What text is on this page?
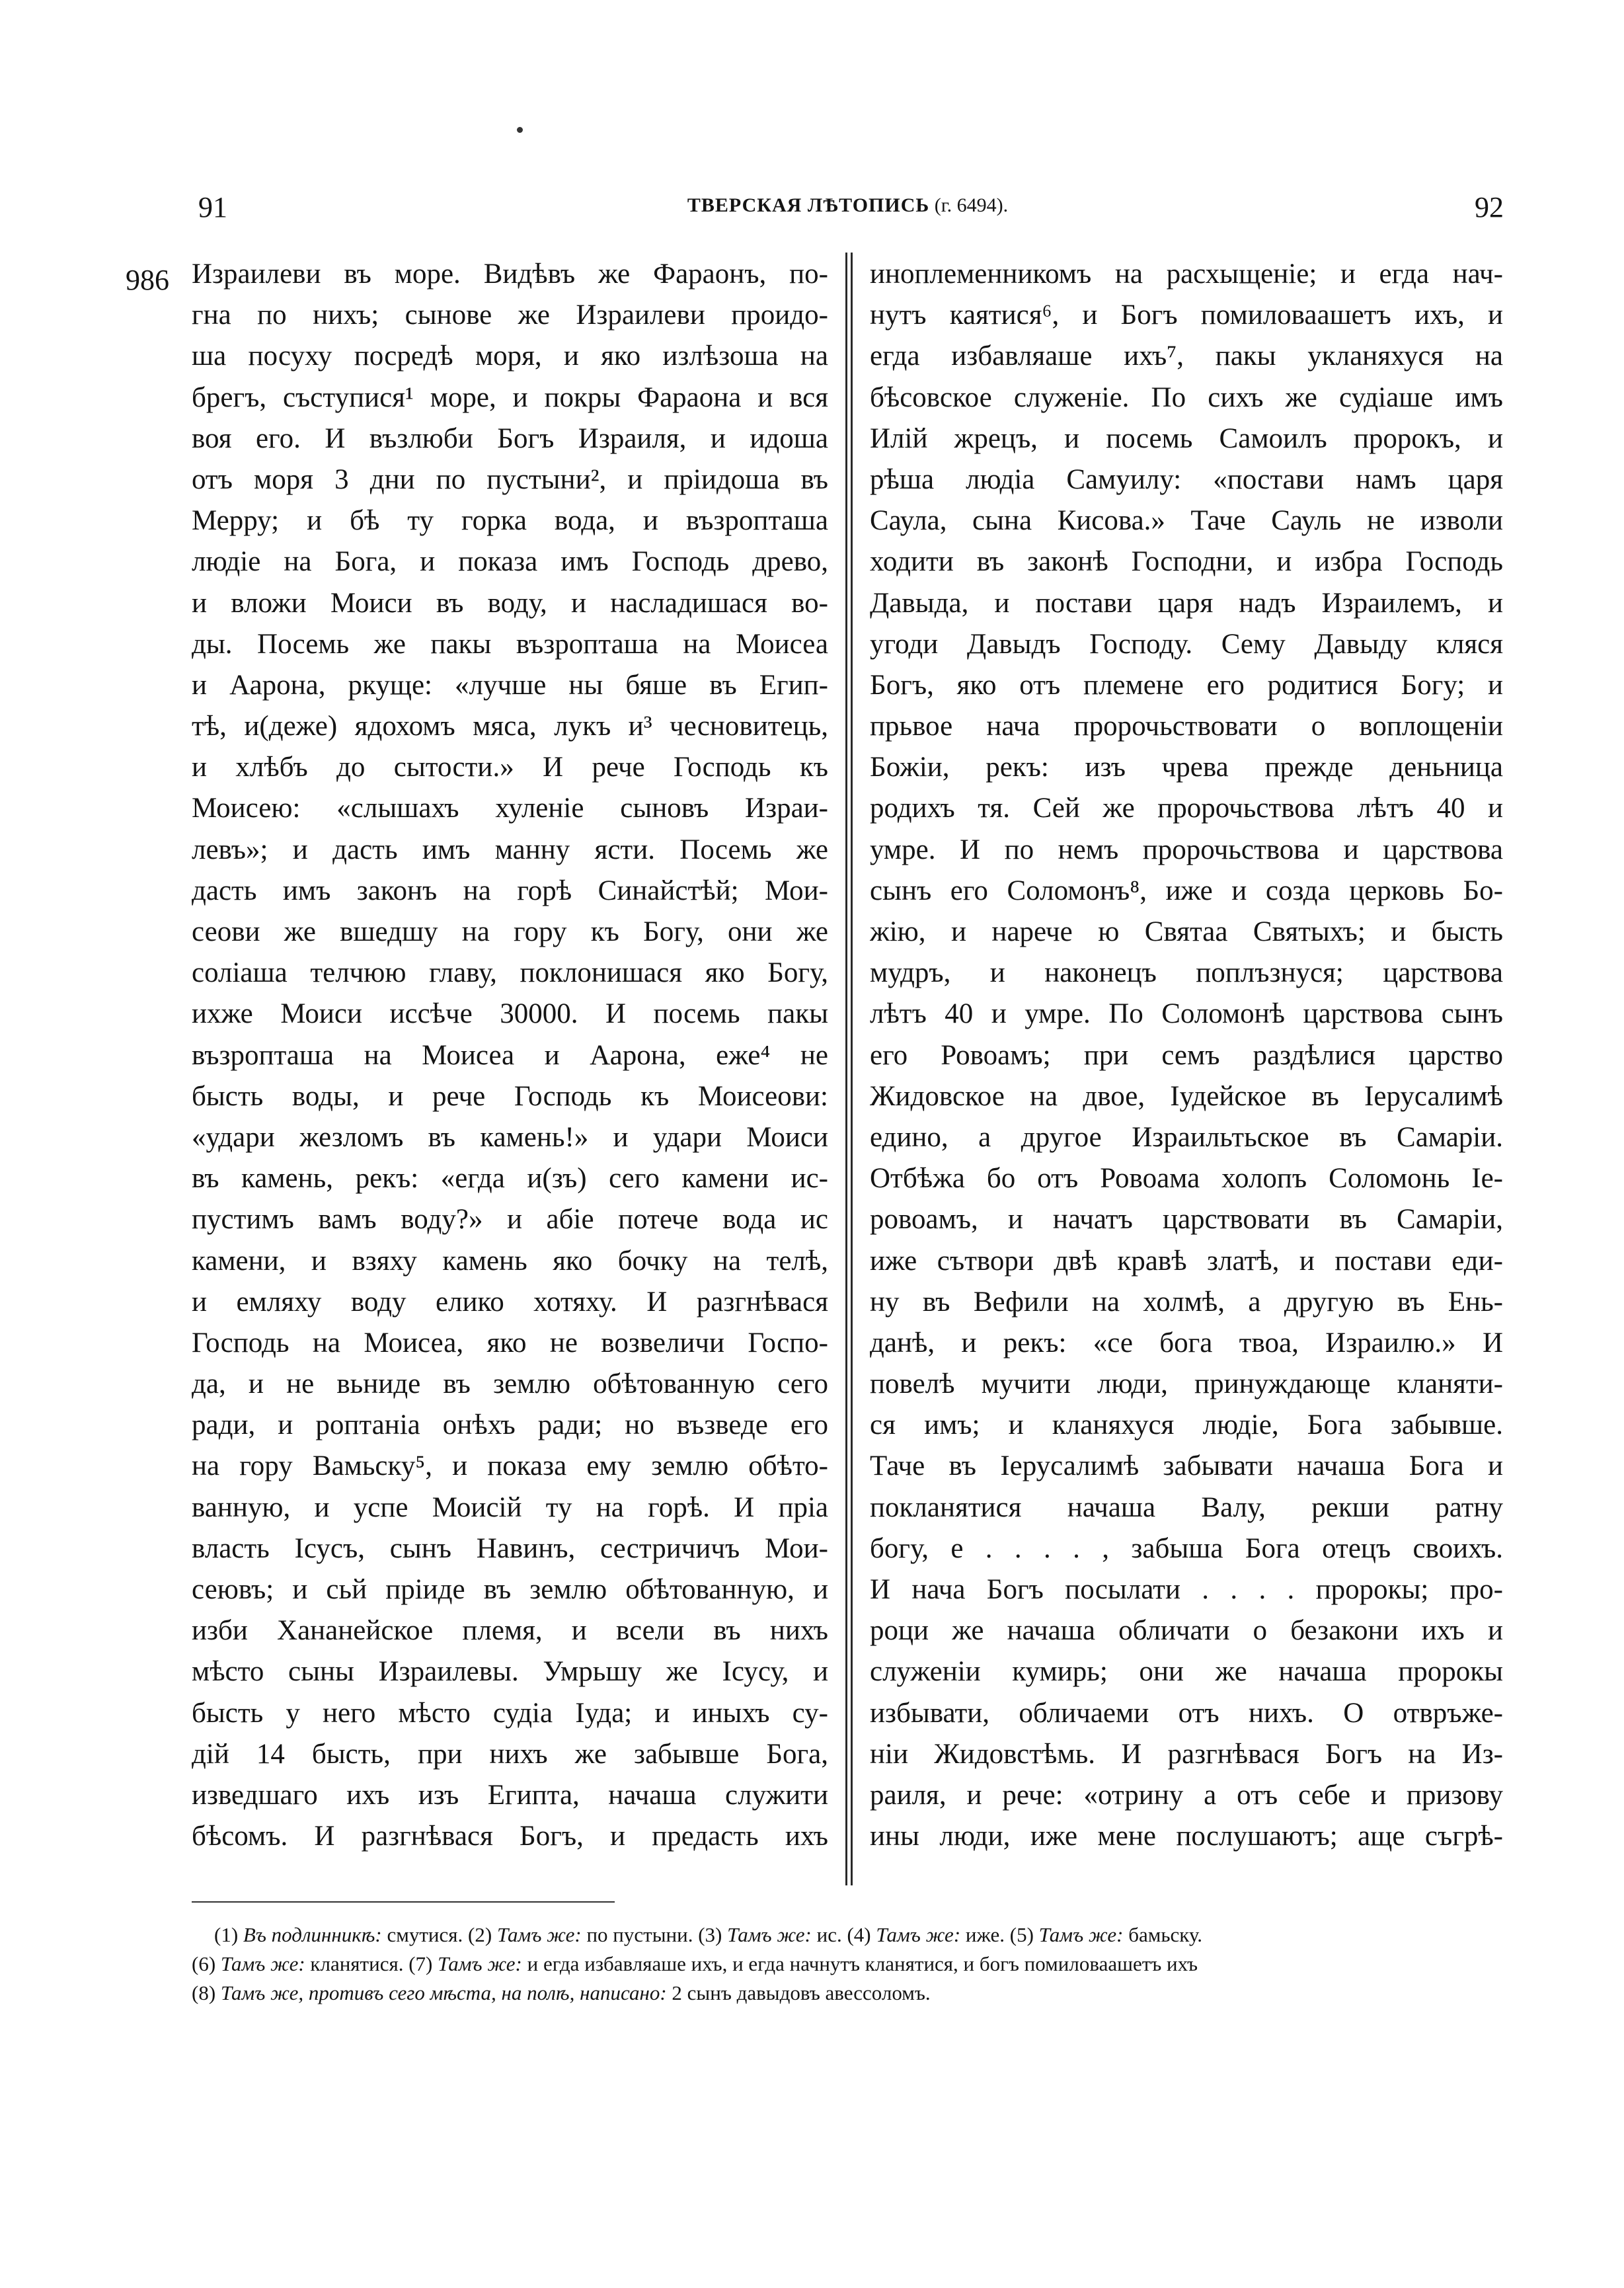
91	ТВЕРСКАЯ ЛѢТОПИСЬ (г. 6494).	92
986 Израилеви въ море. Видѣвъ же Фараонъ, по-
гна по нихъ; сынове же Израилеви проидо-
ша посуху посредѣ моря, и яко излѣзоша на
брегъ, съступися¹ море, и покры Фараона и вся
воя его. И възлюби Богъ Израиля, и идоша
отъ моря 3 дни по пустыни², и пріидоша въ
Мерру; и бѣ ту горка вода, и възропташа
людіе на Бога, и показа имъ Господь древо,
и вложи Моиси въ воду, и насладишася во-
ды. Посемь же пакы възропташа на Моисеа
и Аарона, ркуще: «лучше ны бяше въ Егип-
тѣ, и(деже) ядохомъ мяса, лукъ и³ чесновитець,
и хлѣбъ до сытости.» И рече Господь къ
Моисею: «слышахъ хуленіе сыновъ Израи-
левъ»; и дасть имъ манну ясти. Посемь же
дасть имъ законъ на горѣ Синайстѣй; Мои-
сеови же вшедшу на гору къ Богу, они же
соліаша телчюю главу, поклонишася яко Богу,
ихже Моиси иссѣче 30000. И посемь пакы
възропташа на Моисеа и Аарона, еже⁴ не
бысть воды, и рече Господь къ Моисеови:
«удари жезломъ въ камень!» и удари Моиси
въ камень, рекъ: «егда и(зъ) сего камени ис-
пустимъ вамъ воду?» и абіе потече вода ис
камени, и взяху камень яко бочку на телѣ,
и емляху воду елико хотяху. И разгнѣвася
Господь на Моисеа, яко не возвеличи Госпо-
да, и не вьниде въ землю обѣтованную сего
ради, и роптаніа онѣхъ ради; но възведе его
на гору Вамьску⁵, и показа ему землю обѣто-
ванную, и успе Моисій ту на горѣ. И пріа
власть Ісусъ, сынъ Навинъ, сестричичъ Мои-
сеювъ; и сьй пріиде въ землю обѣтованную, и
изби Хананейское племя, и всели въ нихъ
мѣсто сыны Израилевы. Умрьшу же Ісусу, и
бысть у него мѣсто судіа Іуда; и иныхъ су-
дій 14 бысть, при нихъ же забывше Бога,
изведшаго ихъ изъ Египта, начаша служити
бѣсомъ. И разгнѣвася Богъ, и предасть ихъ
иноплеменникомъ на расхыщеніе; и егда нач-
нутъ каятися⁶, и Богъ помиловаашетъ ихъ, и
егда избавляаше ихъ⁷, пакы укланяхуся на
бѣсовское служеніе. По сихъ же судіаше имъ
Илій жрецъ, и посемь Самоилъ пророкъ, и
рѣша людіа Самуилу: «постави намъ царя
Саула, сына Кисова.» Таче Сауль не изволи
ходити въ законѣ Господни, и избра Господь
Давыда, и постави царя надъ Израилемъ, и
угоди Давыдъ Господу. Сему Давыду кляся
Богъ, яко отъ племене его родитися Богу; и
прьвое нача пророчьствовати о воплощеніи
Божіи, рекъ: изъ чрева прежде деньница
родихъ тя. Сей же пророчьствова лѣтъ 40 и
умре. И по немъ пророчьствова и царствова
сынъ его Соломонъ⁸, иже и созда церковь Бо-
жію, и нарече ю Святаа Святыхъ; и бысть
мудръ, и наконецъ поплъзнуся; царствова
лѣтъ 40 и умре. По Соломонѣ царствова сынъ
его Ровоамъ; при семъ раздѣлися царство
Жидовское на двое, Іудейское въ Іерусалимѣ
едино, а другое Израильтьское въ Самаріи.
Отбѣжа бо отъ Ровоама холопъ Соломонь Іе-
ровоамъ, и начатъ царствовати въ Самаріи,
иже сътвори двѣ кравѣ златѣ, и постави еди-
ну въ Вефили на холмѣ, а другую въ Ень-
данѣ, и рекъ: «се бога твоа, Израилю.» И
повелѣ мучити люди, принуждающе кланяти-
ся имъ; и кланяхуся людіе, Бога забывше.
Таче въ Іерусалимѣ забывати начаша Бога и
покланятися начаша Валу, рекши ратну
богу, е . . . . , забыша Бога отецъ своихъ.
И нача Богъ посылати . . . . пророкы; про-
роци же начаша обличати о безакони ихъ и
служеніи кумирь; они же начаша пророкы
избывати, обличаеми отъ нихъ. О отвръже-
ніи Жидовстѣмь. И разгнѣвася Богъ на Из-
раиля, и рече: «отрину а отъ себе и призову
ины люди, иже мене послушаютъ; аще съгрѣ-
(1) Въ подлинникѣ: смутися. (2) Тамъ же: по пустыни. (3) Тамъ же: ис. (4) Тамъ же: иже. (5) Тамъ же: бамьску.
(6) Тамъ же: кланятися. (7) Тамъ же: и егда избавляаше ихъ, и егда начнутъ кланятися, и богъ помиловаашетъ ихъ
(8) Тамъ же, противъ сего мѣста, на полѣ, написано: 2 сынъ давыдовъ авессоломъ.
